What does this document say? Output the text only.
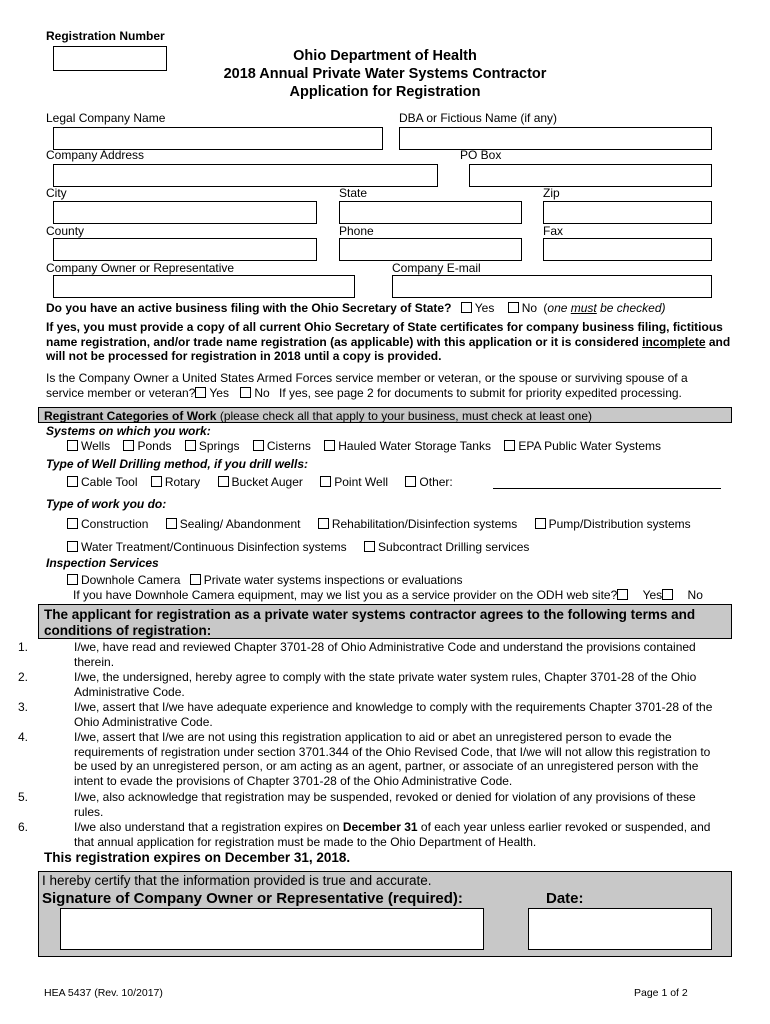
Registration Number
Ohio Department of Health
2018 Annual Private Water Systems Contractor
Application for Registration
Legal Company Name	DBA or Fictious Name (if any)
Company Address	PO Box
City	State	Zip
County	Phone	Fax
Company Owner or Representative	Company E-mail
Do you have an active business filing with the Ohio Secretary of State? Yes No (one must be checked)
If yes, you must provide a copy of all current Ohio Secretary of State certificates for company business filing, fictitious name registration, and/or trade name registration (as applicable) with this application or it is considered incomplete and will not be processed for registration in 2018 until a copy is provided.
Is the Company Owner a United States Armed Forces service member or veteran, or the spouse or surviving spouse of a
service member or veteran? Yes No If yes, see page 2 for documents to submit for priority expedited processing.
Registrant Categories of Work (please check all that apply to your business, must check at least one)
Systems on which you work:
Wells Ponds Springs Cisterns Hauled Water Storage Tanks EPA Public Water Systems
Type of Well Drilling method, if you drill wells:
Cable Tool Rotary	Bucket Auger	Point Well	Other:
Type of work you do:
Construction	Sealing/ Abandonment	Rehabilitation/Disinfection systems	Pump/Distribution systems
Water Treatment/Continuous Disinfection systems	Subcontract Drilling services
Inspection Services
Downhole Camera Private water systems inspections or evaluations
If you have Downhole Camera equipment, may we list you as a service provider on the ODH web site? Yes No
The applicant for registration as a private water systems contractor agrees to the following terms and conditions of registration:
1.	I/we, have read and reviewed Chapter 3701-28 of Ohio Administrative Code and understand the provisions contained therein.
2.	I/we, the undersigned, hereby agree to comply with the state private water system rules, Chapter 3701-28 of the Ohio Administrative Code.
3.	I/we, assert that I/we have adequate experience and knowledge to comply with the requirements Chapter 3701-28 of the Ohio Administrative Code.
4.	I/we, assert that I/we are not using this registration application to aid or abet an unregistered person to evade the requirements of registration under section 3701.344 of the Ohio Revised Code, that I/we will not allow this registration to be used by an unregistered person, or am acting as an agent, partner, or associate of an unregistered person with the intent to evade the provisions of Chapter 3701-28 of the Ohio Administrative Code.
5.	I/we, also acknowledge that registration may be suspended, revoked or denied for violation of any provisions of these rules.
6.	I/we also understand that a registration expires on December 31 of each year unless earlier revoked or suspended, and that annual application for registration must be made to the Ohio Department of Health.
This registration expires on December 31, 2018.
I hereby certify that the information provided is true and accurate.
Signature of Company Owner or Representative (required):	Date:
HEA 5437 (Rev. 10/2017)	Page 1 of 2
